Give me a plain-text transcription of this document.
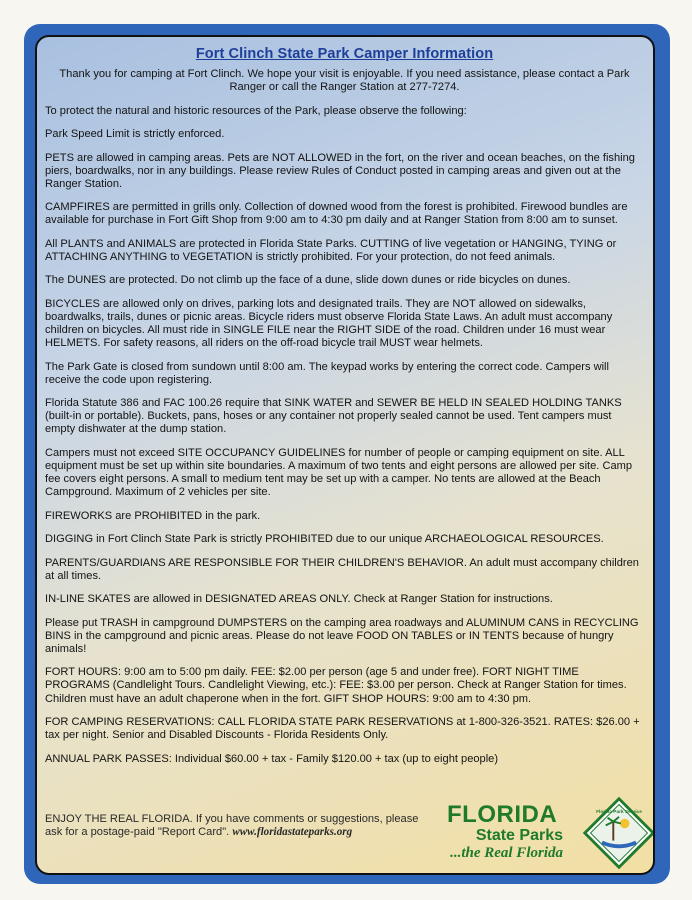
Fort Clinch State Park Camper Information

Thank you for camping at Fort Clinch. We hope your visit is enjoyable. If you need assistance, please contact a Park Ranger or call the Ranger Station at 277-7274.

To protect the natural and historic resources of the Park, please observe the following:

Park Speed Limit is strictly enforced.

PETS are allowed in camping areas. Pets are NOT ALLOWED in the fort, on the river and ocean beaches, on the fishing piers, boardwalks, nor in any buildings. Please review Rules of Conduct posted in camping areas and given out at the Ranger Station.

CAMPFIRES are permitted in grills only. Collection of downed wood from the forest is prohibited. Firewood bundles are available for purchase in Fort Gift Shop from 9:00 am to 4:30 pm daily and at Ranger Station from 8:00 am to sunset.

All PLANTS and ANIMALS are protected in Florida State Parks. CUTTING of live vegetation or HANGING, TYING or ATTACHING ANYTHING to VEGETATION is strictly prohibited. For your protection, do not feed animals.

The DUNES are protected. Do not climb up the face of a dune, slide down dunes or ride bicycles on dunes.

BICYCLES are allowed only on drives, parking lots and designated trails. They are NOT allowed on sidewalks, boardwalks, trails, dunes or picnic areas. Bicycle riders must observe Florida State Laws. An adult must accompany children on bicycles. All must ride in SINGLE FILE near the RIGHT SIDE of the road. Children under 16 must wear HELMETS. For safety reasons, all riders on the off-road bicycle trail MUST wear helmets.

The Park Gate is closed from sundown until 8:00 am. The keypad works by entering the correct code. Campers will receive the code upon registering.

Florida Statute 386 and FAC 100.26 require that SINK WATER and SEWER BE HELD IN SEALED HOLDING TANKS (built-in or portable). Buckets, pans, hoses or any container not properly sealed cannot be used. Tent campers must empty dishwater at the dump station.

Campers must not exceed SITE OCCUPANCY GUIDELINES for number of people or camping equipment on site. ALL equipment must be set up within site boundaries. A maximum of two tents and eight persons are allowed per site. Camp fee covers eight persons. A small to medium tent may be set up with a camper. No tents are allowed at the Beach Campground. Maximum of 2 vehicles per site.

FIREWORKS are PROHIBITED in the park.

DIGGING in Fort Clinch State Park is strictly PROHIBITED due to our unique ARCHAEOLOGICAL RESOURCES.

PARENTS/GUARDIANS ARE RESPONSIBLE FOR THEIR CHILDREN'S BEHAVIOR. An adult must accompany children at all times.

IN-LINE SKATES are allowed in DESIGNATED AREAS ONLY. Check at Ranger Station for instructions.

Please put TRASH in campground DUMPSTERS on the camping area roadways and ALUMINUM CANS in RECYCLING BINS in the campground and picnic areas. Please do not leave FOOD ON TABLES or IN TENTS because of hungry animals!

FORT HOURS: 9:00 am to 5:00 pm daily. FEE: $2.00 per person (age 5 and under free). FORT NIGHT TIME PROGRAMS (Candlelight Tours. Candlelight Viewing, etc.): FEE: $3.00 per person. Check at Ranger Station for times. Children must have an adult chaperone when in the fort. GIFT SHOP HOURS: 9:00 am to 4:30 pm.

FOR CAMPING RESERVATIONS: CALL FLORIDA STATE PARK RESERVATIONS at 1-800-326-3521. RATES: $26.00 + tax per night. Senior and Disabled Discounts - Florida Residents Only.

ANNUAL PARK PASSES: Individual $60.00 + tax - Family $120.00 + tax (up to eight people)

ENJOY THE REAL FLORIDA. If you have comments or suggestions, please ask for a postage-paid "Report Card". www.floridastateparks.org
FLORIDA
State Parks
...the Real Florida
Florida Park Service
